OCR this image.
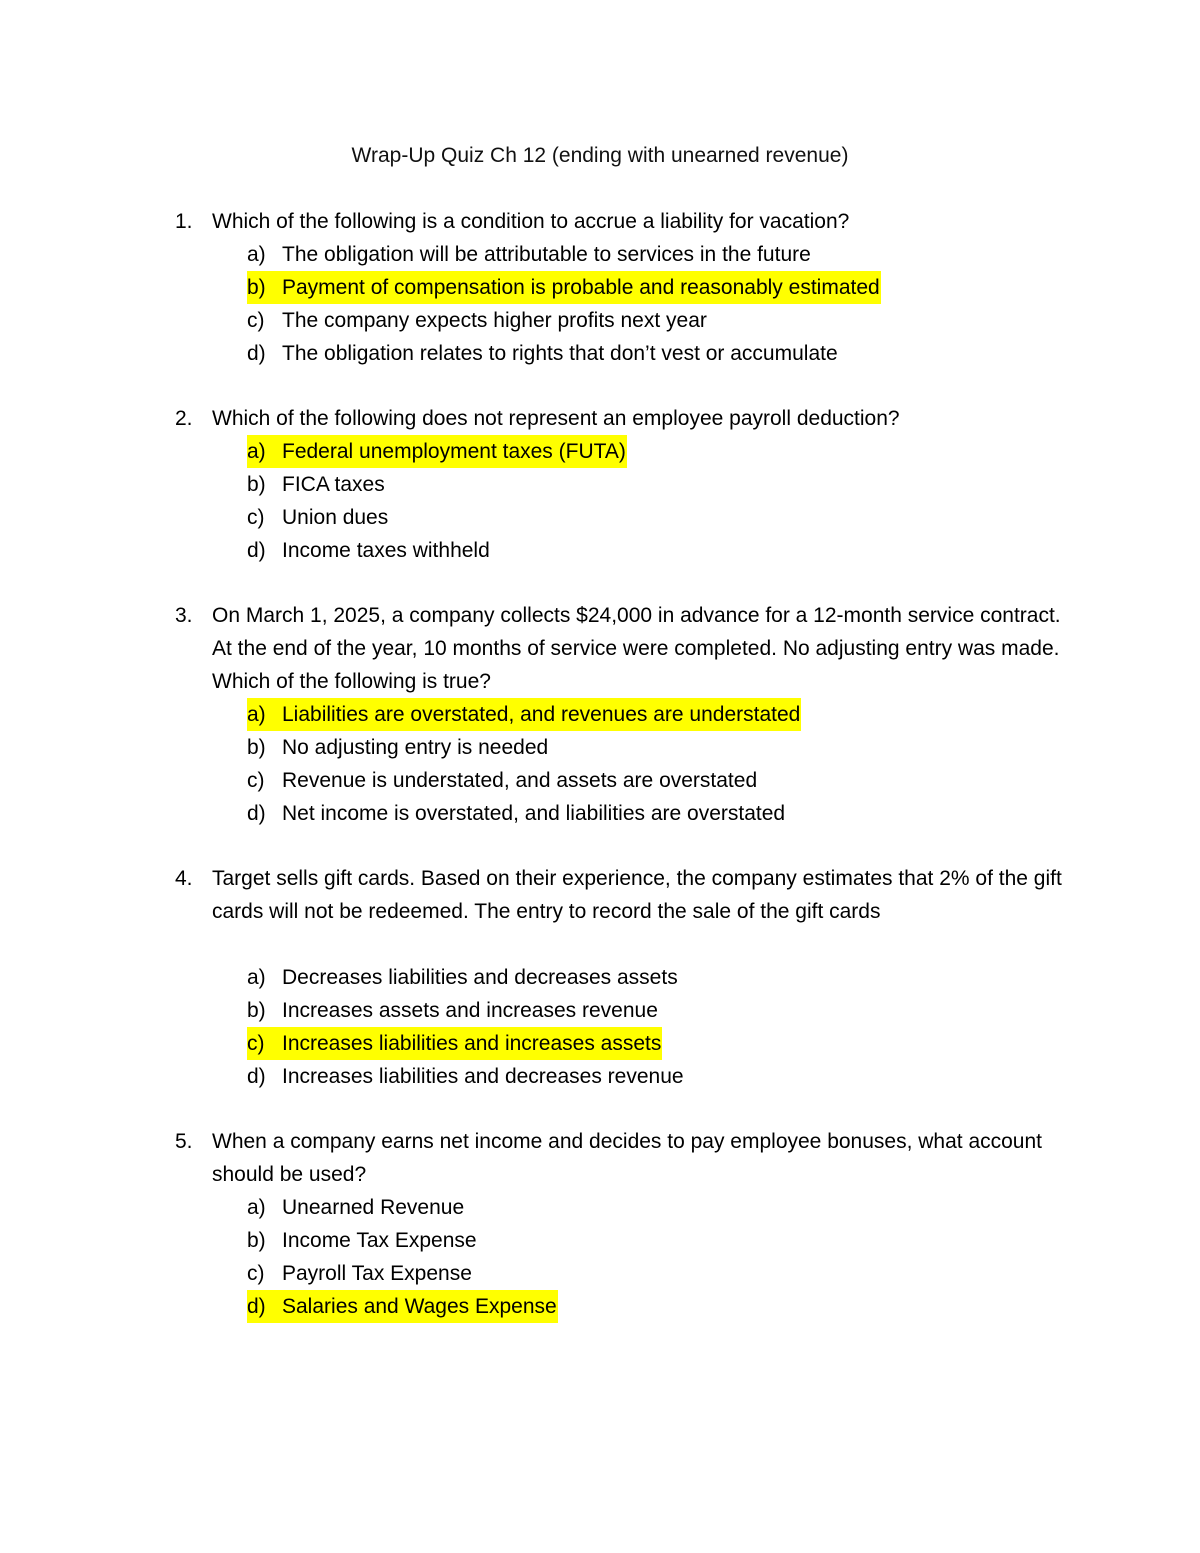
Wrap-Up Quiz Ch 12 (ending with unearned revenue)
1. Which of the following is a condition to accrue a liability for vacation?
a) The obligation will be attributable to services in the future
b) Payment of compensation is probable and reasonably estimated
c) The company expects higher profits next year
d) The obligation relates to rights that don’t vest or accumulate
2. Which of the following does not represent an employee payroll deduction?
a) Federal unemployment taxes (FUTA)
b) FICA taxes
c) Union dues
d) Income taxes withheld
3. On March 1, 2025, a company collects $24,000 in advance for a 12-month service contract. At the end of the year, 10 months of service were completed. No adjusting entry was made. Which of the following is true?
a) Liabilities are overstated, and revenues are understated
b) No adjusting entry is needed
c) Revenue is understated, and assets are overstated
d) Net income is overstated, and liabilities are overstated
4. Target sells gift cards. Based on their experience, the company estimates that 2% of the gift cards will not be redeemed. The entry to record the sale of the gift cards
a) Decreases liabilities and decreases assets
b) Increases assets and increases revenue
c) Increases liabilities and increases assets
d) Increases liabilities and decreases revenue
5. When a company earns net income and decides to pay employee bonuses, what account should be used?
a) Unearned Revenue
b) Income Tax Expense
c) Payroll Tax Expense
d) Salaries and Wages Expense
